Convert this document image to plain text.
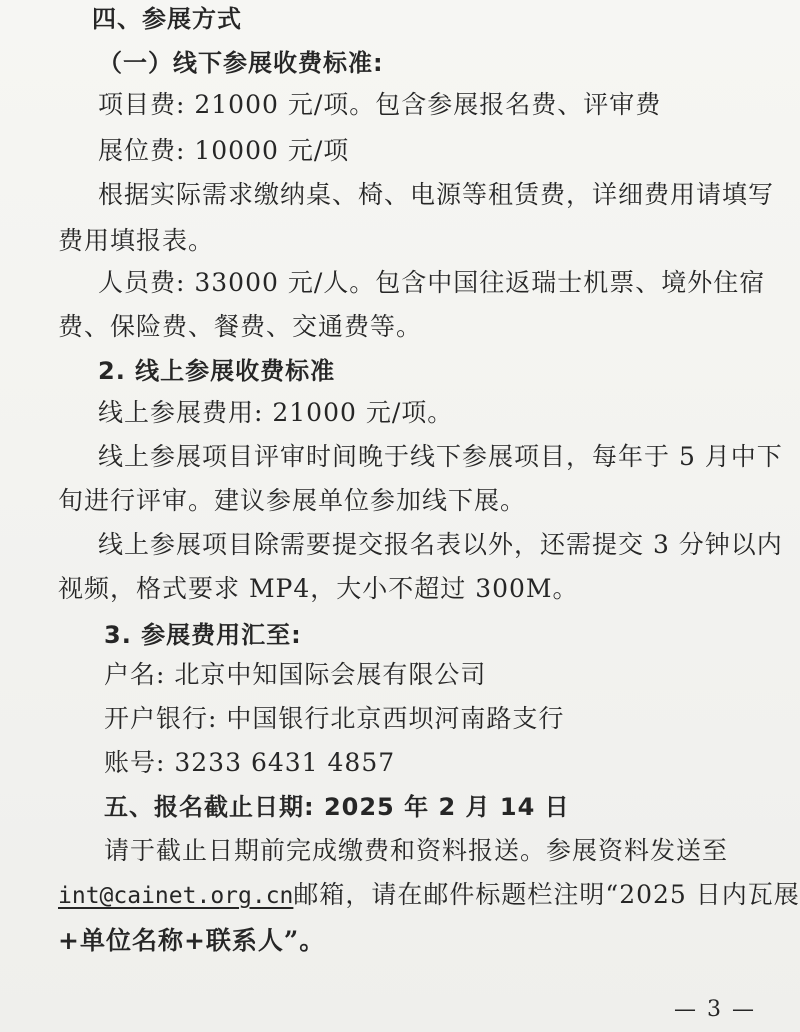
四、参展方式
（一）线下参展收费标准:
项目费: 21000 元/项。包含参展报名费、评审费
展位费: 10000 元/项
根据实际需求缴纳桌、椅、电源等租赁费，详细费用请填写
费用填报表。
人员费: 33000 元/人。包含中国往返瑞士机票、境外住宿
费、保险费、餐费、交通费等。
2. 线上参展收费标准
线上参展费用: 21000 元/项。
线上参展项目评审时间晚于线下参展项目，每年于 5 月中下
旬进行评审。建议参展单位参加线下展。
线上参展项目除需要提交报名表以外，还需提交 3 分钟以内
视频，格式要求 MP4，大小不超过 300M。
3. 参展费用汇至:
户名: 北京中知国际会展有限公司
开户银行: 中国银行北京西坝河南路支行
账号: 3233 6431 4857
五、报名截止日期: 2025 年 2 月 14 日
请于截止日期前完成缴费和资料报送。参展资料发送至
int@cainet.org.cn邮箱，请在邮件标题栏注明“2025 日内瓦展
+单位名称+联系人”。
— 3 —
